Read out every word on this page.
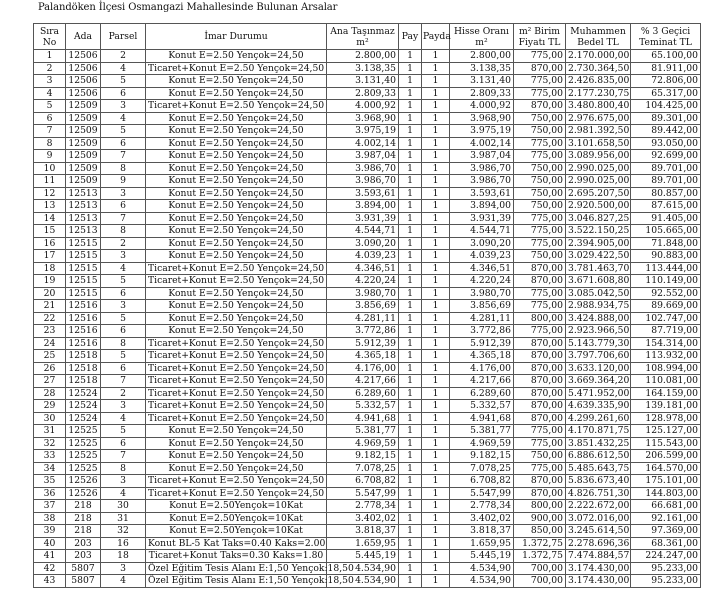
Palandöken İlçesi Osmangazi Mahallesinde Bulunan Arsalar
Sıra No	Ada	Parsel	İmar Durumu	Ana Taşınmaz m²	Pay	Payda	Hisse Oranı m²	m² Birim Fiyatı TL	Muhammen Bedel TL	% 3 Geçici Teminat TL
1	12506	2	Konut E=2.50 Yençok=24,50	2.800,00	1	1	2.800,00	775,00	2.170.000,00	65.100,00
2	12506	4	Ticaret+Konut E=2.50 Yençok=24,50	3.138,35	1	1	3.138,35	870,00	2.730.364,50	81.911,00
3	12506	5	Konut E=2.50 Yençok=24,50	3.131,40	1	1	3.131,40	775,00	2.426.835,00	72.806,00
4	12506	6	Konut E=2.50 Yençok=24,50	2.809,33	1	1	2.809,33	775,00	2.177.230,75	65.317,00
5	12509	3	Ticaret+Konut E=2.50 Yençok=24,50	4.000,92	1	1	4.000,92	870,00	3.480.800,40	104.425,00
6	12509	4	Konut E=2.50 Yençok=24,50	3.968,90	1	1	3.968,90	750,00	2.976.675,00	89.301,00
7	12509	5	Konut E=2.50 Yençok=24,50	3.975,19	1	1	3.975,19	750,00	2.981.392,50	89.442,00
8	12509	6	Konut E=2.50 Yençok=24,50	4.002,14	1	1	4.002,14	775,00	3.101.658,50	93.050,00
9	12509	7	Konut E=2.50 Yençok=24,50	3.987,04	1	1	3.987,04	775,00	3.089.956,00	92.699,00
10	12509	8	Konut E=2.50 Yençok=24,50	3.986,70	1	1	3.986,70	750,00	2.990.025,00	89.701,00
11	12509	9	Konut E=2.50 Yençok=24,50	3.986,70	1	1	3.986,70	750,00	2.990.025,00	89.701,00
12	12513	3	Konut E=2.50 Yençok=24,50	3.593,61	1	1	3.593,61	750,00	2.695.207,50	80.857,00
13	12513	6	Konut E=2.50 Yençok=24,50	3.894,00	1	1	3.894,00	750,00	2.920.500,00	87.615,00
14	12513	7	Konut E=2.50 Yençok=24,50	3.931,39	1	1	3.931,39	775,00	3.046.827,25	91.405,00
15	12513	8	Konut E=2.50 Yençok=24,50	4.544,71	1	1	4.544,71	775,00	3.522.150,25	105.665,00
16	12515	2	Konut E=2.50 Yençok=24,50	3.090,20	1	1	3.090,20	775,00	2.394.905,00	71.848,00
17	12515	3	Konut E=2.50 Yençok=24,50	4.039,23	1	1	4.039,23	750,00	3.029.422,50	90.883,00
18	12515	4	Ticaret+Konut E=2.50 Yençok=24,50	4.346,51	1	1	4.346,51	870,00	3.781.463,70	113.444,00
19	12515	5	Ticaret+Konut E=2.50 Yençok=24,50	4.220,24	1	1	4.220,24	870,00	3.671.608,80	110.149,00
20	12515	6	Konut E=2.50 Yençok=24,50	3.980,70	1	1	3.980,70	775,00	3.085.042,50	92.552,00
21	12516	3	Konut E=2.50 Yençok=24,50	3.856,69	1	1	3.856,69	775,00	2.988.934,75	89.669,00
22	12516	5	Konut E=2.50 Yençok=24,50	4.281,11	1	1	4.281,11	800,00	3.424.888,00	102.747,00
23	12516	6	Konut E=2.50 Yençok=24,50	3.772,86	1	1	3.772,86	775,00	2.923.966,50	87.719,00
24	12516	8	Ticaret+Konut E=2.50 Yençok=24,50	5.912,39	1	1	5.912,39	870,00	5.143.779,30	154.314,00
25	12518	5	Ticaret+Konut E=2.50 Yençok=24,50	4.365,18	1	1	4.365,18	870,00	3.797.706,60	113.932,00
26	12518	6	Ticaret+Konut E=2.50 Yençok=24,50	4.176,00	1	1	4.176,00	870,00	3.633.120,00	108.994,00
27	12518	7	Ticaret+Konut E=2.50 Yençok=24,50	4.217,66	1	1	4.217,66	870,00	3.669.364,20	110.081,00
28	12524	2	Ticaret+Konut E=2.50 Yençok=24,50	6.289,60	1	1	6.289,60	870,00	5.471.952,00	164.159,00
29	12524	3	Ticaret+Konut E=2.50 Yençok=24,50	5.332,57	1	1	5.332,57	870,00	4.639.335,90	139.181,00
30	12524	4	Ticaret+Konut E=2.50 Yençok=24,50	4.941,68	1	1	4.941,68	870,00	4.299.261,60	128.978,00
31	12525	5	Konut E=2.50 Yençok=24,50	5.381,77	1	1	5.381,77	775,00	4.170.871,75	125.127,00
32	12525	6	Konut E=2.50 Yençok=24,50	4.969,59	1	1	4.969,59	775,00	3.851.432,25	115.543,00
33	12525	7	Konut E=2.50 Yençok=24,50	9.182,15	1	1	9.182,15	750,00	6.886.612,50	206.599,00
34	12525	8	Konut E=2.50 Yençok=24,50	7.078,25	1	1	7.078,25	775,00	5.485.643,75	164.570,00
35	12526	3	Ticaret+Konut E=2.50 Yençok=24,50	6.708,82	1	1	6.708,82	870,00	5.836.673,40	175.101,00
36	12526	4	Ticaret+Konut E=2.50 Yençok=24,50	5.547,99	1	1	5.547,99	870,00	4.826.751,30	144.803,00
37	218	30	Konut E=2.50Yençok=10Kat	2.778,34	1	1	2.778,34	800,00	2.222.672,00	66.681,00
38	218	31	Konut E=2.50Yençok=10Kat	3.402,02	1	1	3.402,02	900,00	3.072.016,00	92.161,00
39	218	32	Konut E=2.50Yençok=10Kat	3.818,37	1	1	3.818,37	850,00	3.245.614,50	97.369,00
40	203	16	Konut BL-5 Kat Taks=0.40 Kaks=2.00	1.659,95	1	1	1.659,95	1.372,75	2.278.696,36	68.361,00
41	203	18	Ticaret+Konut Taks=0.30 Kaks=1.80	5.445,19	1	1	5.445,19	1.372,75	7.474.884,57	224.247,00
42	5807	3	Özel Eğitim Tesis Alanı E:1,50 Yençok:18,50	4.534,90	1	1	4.534,90	700,00	3.174.430,00	95.233,00
43	5807	4	Özel Eğitim Tesis Alanı E:1,50 Yençok:18,50	4.534,90	1	1	4.534,90	700,00	3.174.430,00	95.233,00
